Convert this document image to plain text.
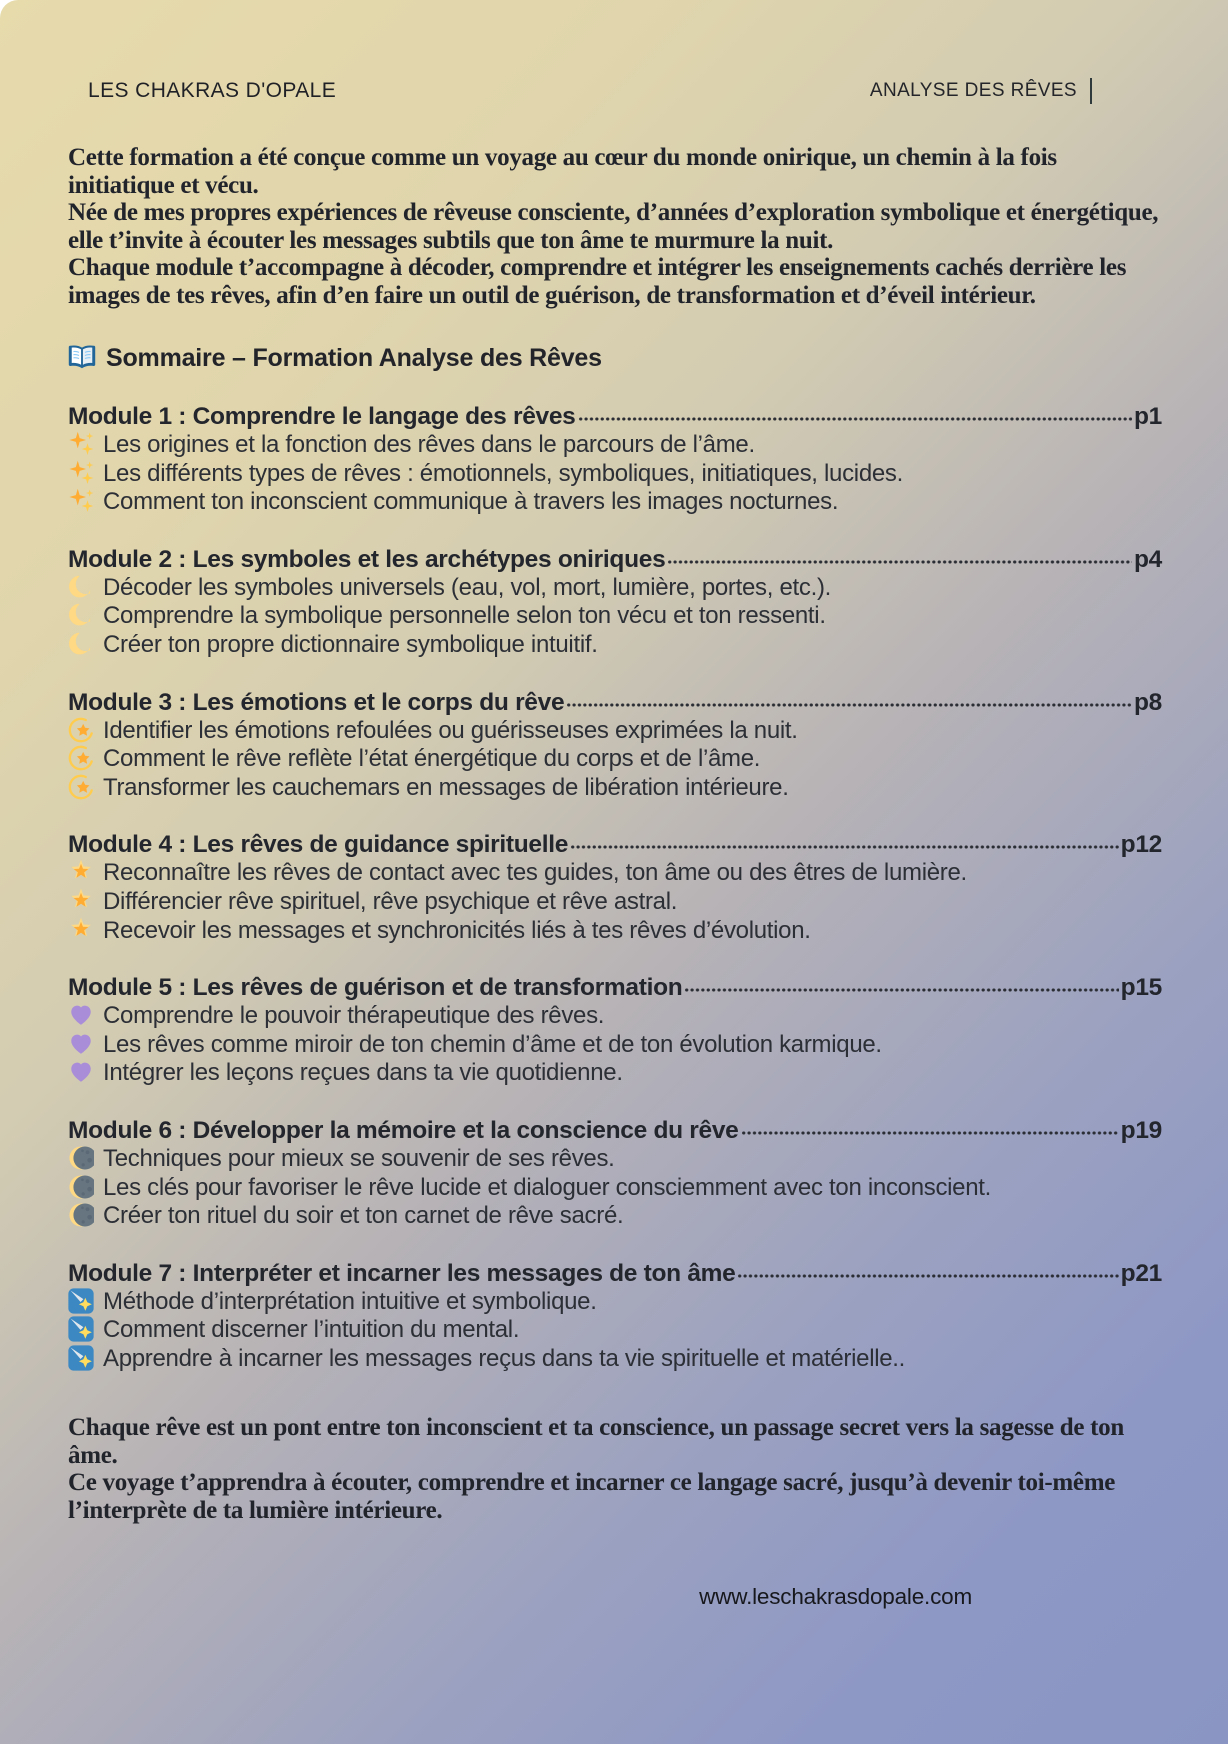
LES CHAKRAS D'OPALE	ANALYSE DES RÊVES

Cette formation a été conçue comme un voyage au cœur du monde onirique, un chemin à la fois initiatique et vécu.

Née de mes propres expériences de rêveuse consciente, d’années d’exploration symbolique et énergétique, elle t’invite à écouter les messages subtils que ton âme te murmure la nuit.

Chaque module t’accompagne à décoder, comprendre et intégrer les enseignements cachés derrière les images de tes rêves, afin d’en faire un outil de guérison, de transformation et d’éveil intérieur.

Sommaire – Formation Analyse des Rêves
Module 1 : Comprendre le langage des rêves	p1
Les origines et la fonction des rêves dans le parcours de l’âme.
Les différents types de rêves : émotionnels, symboliques, initiatiques, lucides.
Comment ton inconscient communique à travers les images nocturnes.
Module 2 : Les symboles et les archétypes oniriques	p4
Décoder les symboles universels (eau, vol, mort, lumière, portes, etc.).
Comprendre la symbolique personnelle selon ton vécu et ton ressenti.
Créer ton propre dictionnaire symbolique intuitif.
Module 3 : Les émotions et le corps du rêve	p8
Identifier les émotions refoulées ou guérisseuses exprimées la nuit.
Comment le rêve reflète l’état énergétique du corps et de l’âme.
Transformer les cauchemars en messages de libération intérieure.
Module 4 : Les rêves de guidance spirituelle	p12
Reconnaître les rêves de contact avec tes guides, ton âme ou des êtres de lumière.
Différencier rêve spirituel, rêve psychique et rêve astral.
Recevoir les messages et synchronicités liés à tes rêves d’évolution.
Module 5 : Les rêves de guérison et de transformation	p15
Comprendre le pouvoir thérapeutique des rêves.
Les rêves comme miroir de ton chemin d’âme et de ton évolution karmique.
Intégrer les leçons reçues dans ta vie quotidienne.
Module 6 : Développer la mémoire et la conscience du rêve	p19
Techniques pour mieux se souvenir de ses rêves.
Les clés pour favoriser le rêve lucide et dialoguer consciemment avec ton inconscient.
Créer ton rituel du soir et ton carnet de rêve sacré.
Module 7 : Interpréter et incarner les messages de ton âme	p21
Méthode d’interprétation intuitive et symbolique.
Comment discerner l’intuition du mental.
Apprendre à incarner les messages reçus dans ta vie spirituelle et matérielle..

Chaque rêve est un pont entre ton inconscient et ta conscience, un passage secret vers la sagesse de ton âme.

Ce voyage t’apprendra à écouter, comprendre et incarner ce langage sacré, jusqu’à devenir toi-même l’interprète de ta lumière intérieure.

www.leschakrasdopale.com
